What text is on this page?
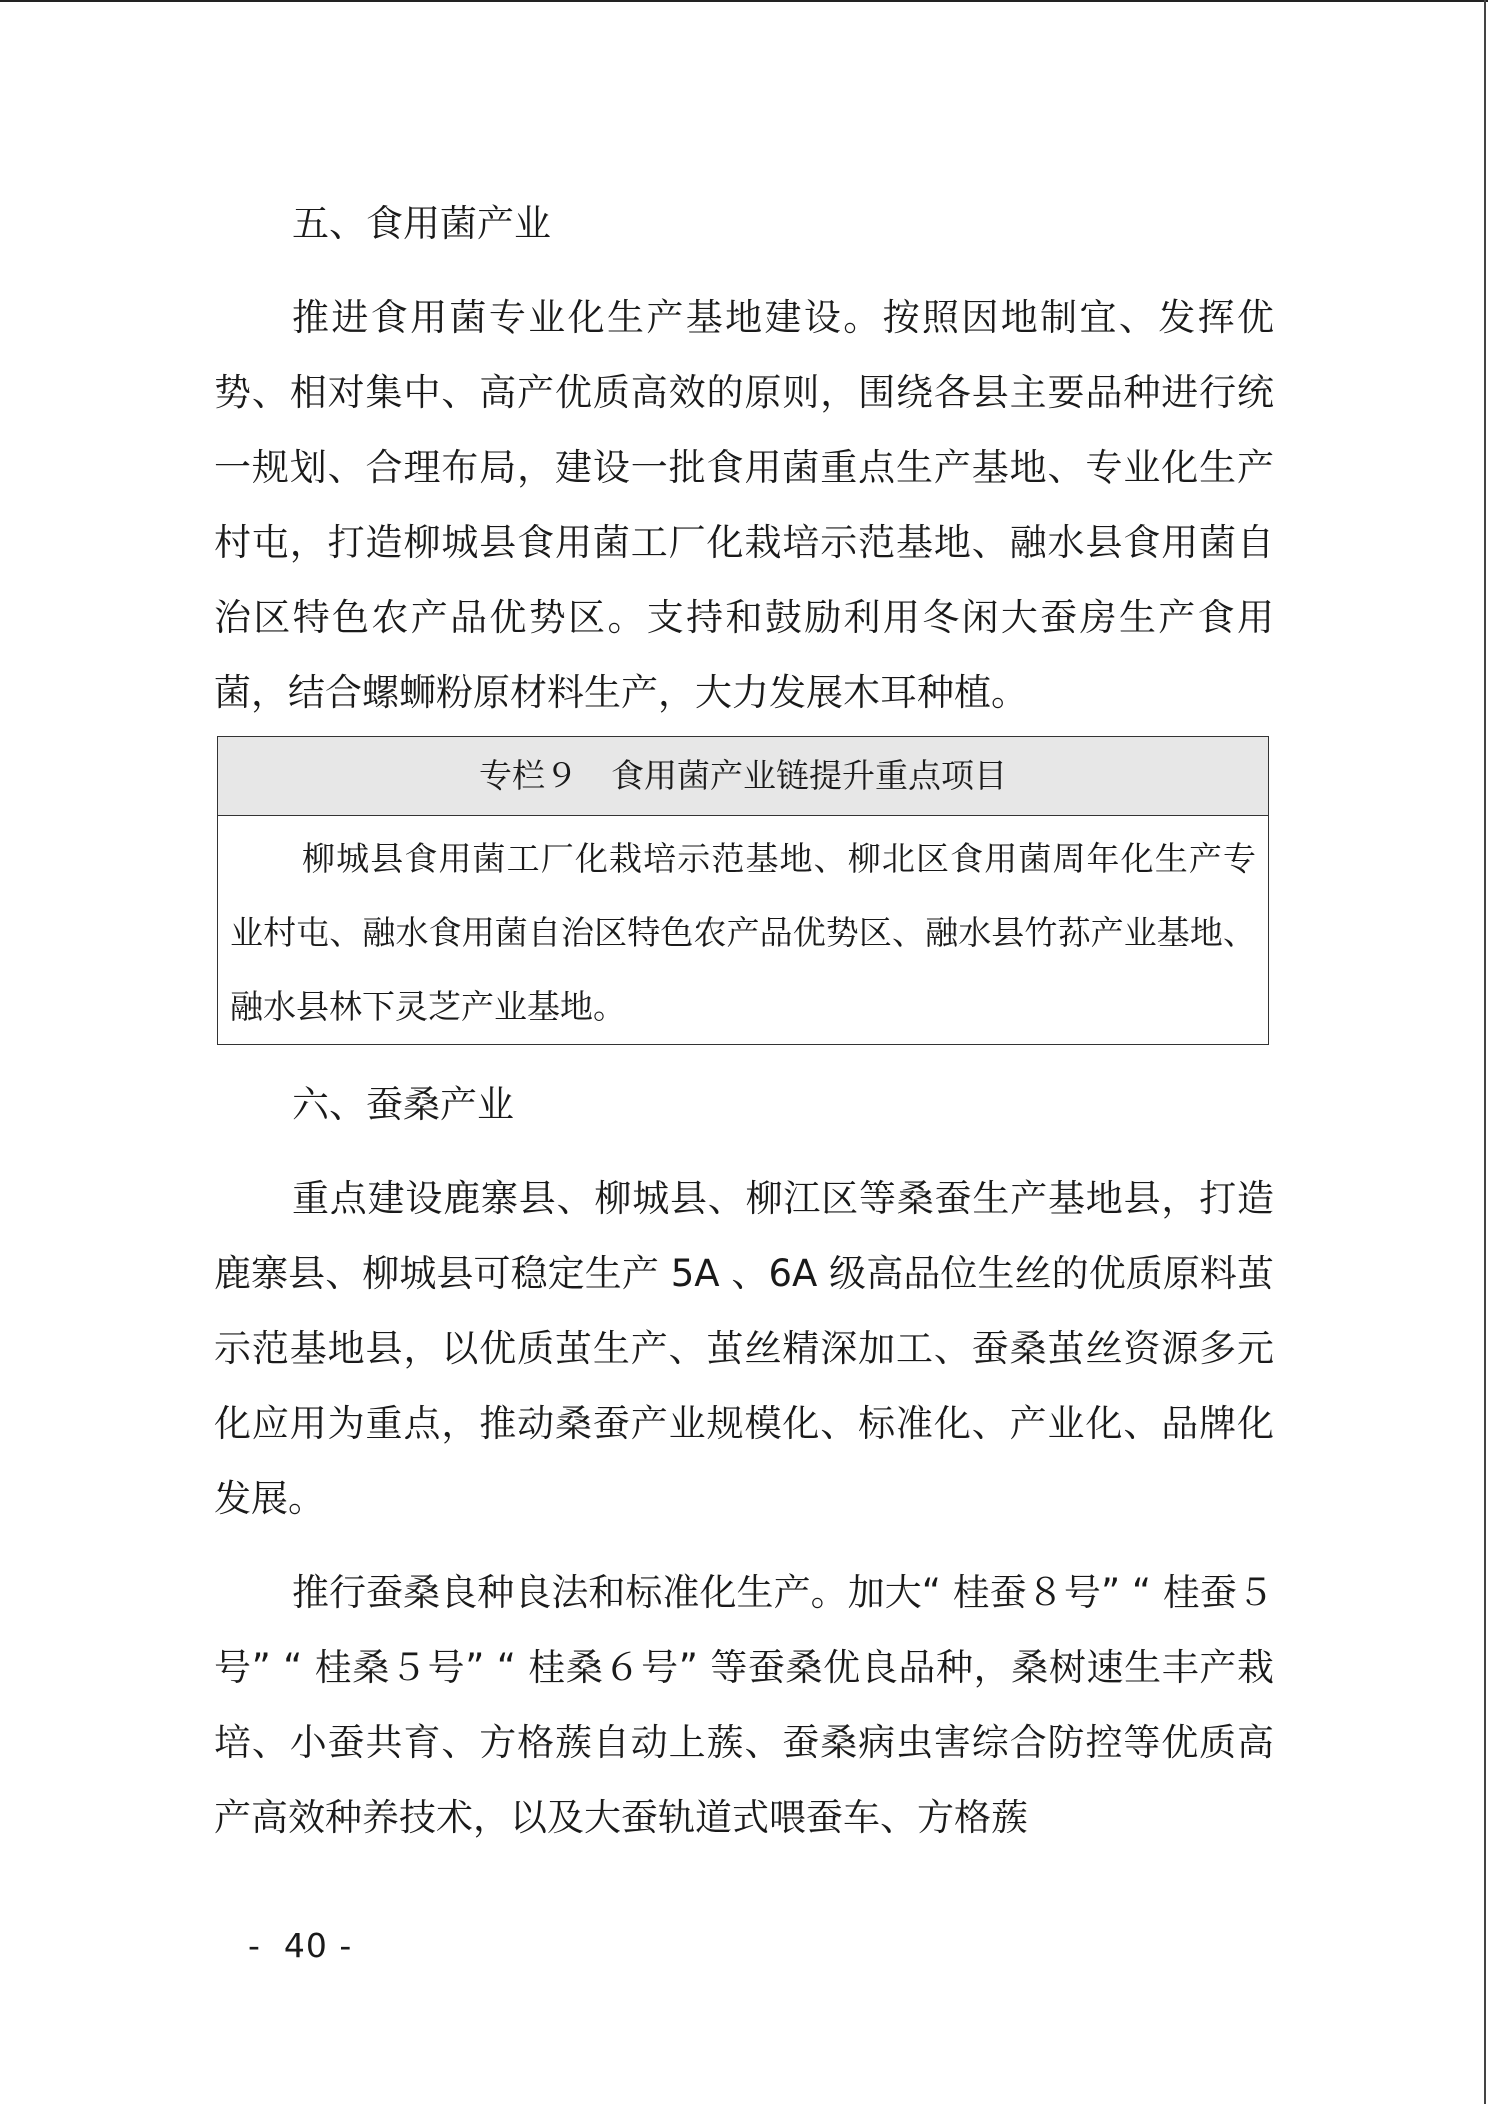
五、食用菌产业

推进食用菌专业化生产基地建设。按照因地制宜、发挥优势、相对集中、高产优质高效的原则，围绕各县主要品种进行统一规划、合理布局，建设一批食用菌重点生产基地、专业化生产村屯，打造柳城县食用菌工厂化栽培示范基地、融水县食用菌自治区特色农产品优势区。支持和鼓励利用冬闲大蚕房生产食用菌，结合螺蛳粉原材料生产，大力发展木耳种植。

专栏９　食用菌产业链提升重点项目

柳城县食用菌工厂化栽培示范基地、柳北区食用菌周年化生产专业村屯、融水食用菌自治区特色农产品优势区、融水县竹荪产业基地、融水县林下灵芝产业基地。

六、蚕桑产业

重点建设鹿寨县、柳城县、柳江区等桑蚕生产基地县，打造鹿寨县、柳城县可稳定生产 5A 、6A 级高品位生丝的优质原料茧示范基地县，以优质茧生产、茧丝精深加工、蚕桑茧丝资源多元化应用为重点，推动桑蚕产业规模化、标准化、产业化、品牌化发展。

推行蚕桑良种良法和标准化生产。加大“ 桂蚕８号” “ 桂蚕５号” “ 桂桑５号” “ 桂桑６号” 等蚕桑优良品种，桑树速生丰产栽培、小蚕共育、方格蔟自动上蔟、蚕桑病虫害综合防控等优质高产高效种养技术，以及大蚕轨道式喂蚕车、方格蔟

-  40 -
